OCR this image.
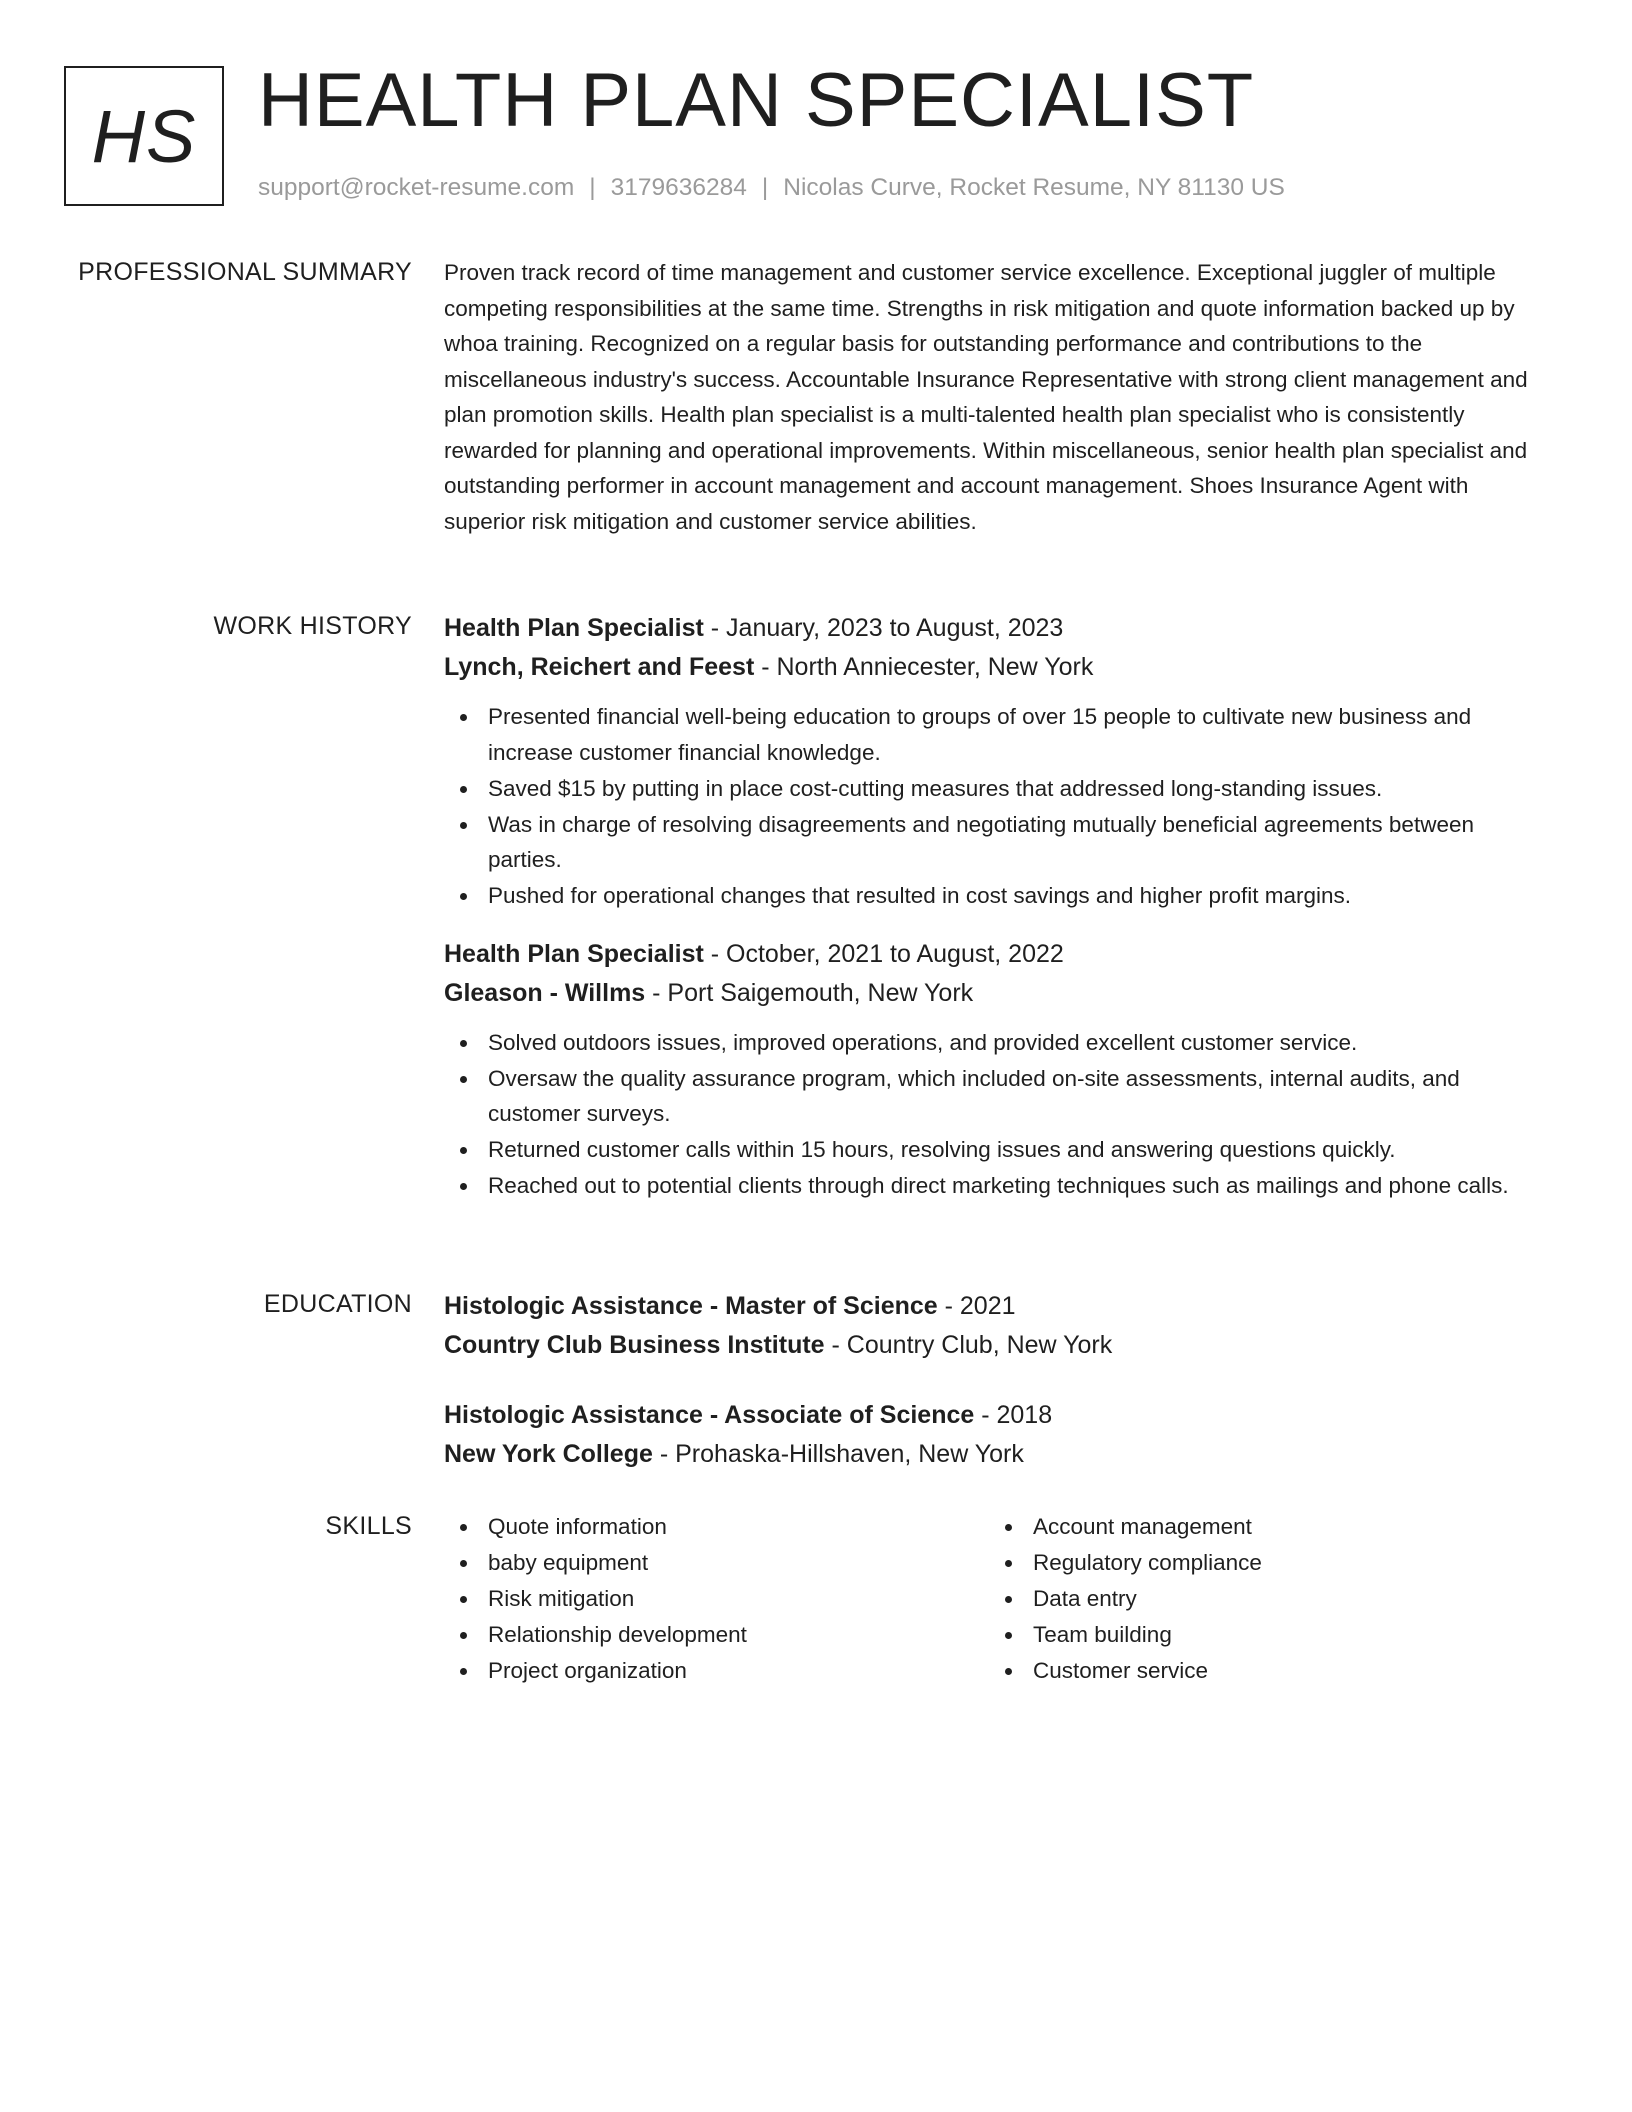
HS HEALTH PLAN SPECIALIST
support@rocket-resume.com | 3179636284 | Nicolas Curve, Rocket Resume, NY 81130 US
PROFESSIONAL SUMMARY Proven track record of time management and customer service excellence. Exceptional juggler of multiple competing responsibilities at the same time. Strengths in risk mitigation and quote information backed up by whoa training. Recognized on a regular basis for outstanding performance and contributions to the miscellaneous industry's success. Accountable Insurance Representative with strong client management and plan promotion skills. Health plan specialist is a multi-talented health plan specialist who is consistently rewarded for planning and operational improvements. Within miscellaneous, senior health plan specialist and outstanding performer in account management and account management. Shoes Insurance Agent with superior risk mitigation and customer service abilities.

WORK HISTORY Health Plan Specialist - January, 2023 to August, 2023
Lynch, Reichert and Feest - North Anniecester, New York
Presented financial well-being education to groups of over 15 people to cultivate new business and increase customer financial knowledge.
Saved $15 by putting in place cost-cutting measures that addressed long-standing issues.
Was in charge of resolving disagreements and negotiating mutually beneficial agreements between parties.
Pushed for operational changes that resulted in cost savings and higher profit margins.
Health Plan Specialist - October, 2021 to August, 2022
Gleason - Willms - Port Saigemouth, New York
Solved outdoors issues, improved operations, and provided excellent customer service.
Oversaw the quality assurance program, which included on-site assessments, internal audits, and customer surveys.
Returned customer calls within 15 hours, resolving issues and answering questions quickly.
Reached out to potential clients through direct marketing techniques such as mailings and phone calls.
EDUCATION Histologic Assistance - Master of Science - 2021
Country Club Business Institute - Country Club, New York
Histologic Assistance - Associate of Science - 2018
New York College - Prohaska-Hillshaven, New York
SKILLS	Quote information
baby equipment
Risk mitigation
Relationship development
Project organization
Account management
Regulatory compliance
Data entry
Team building
Customer service
